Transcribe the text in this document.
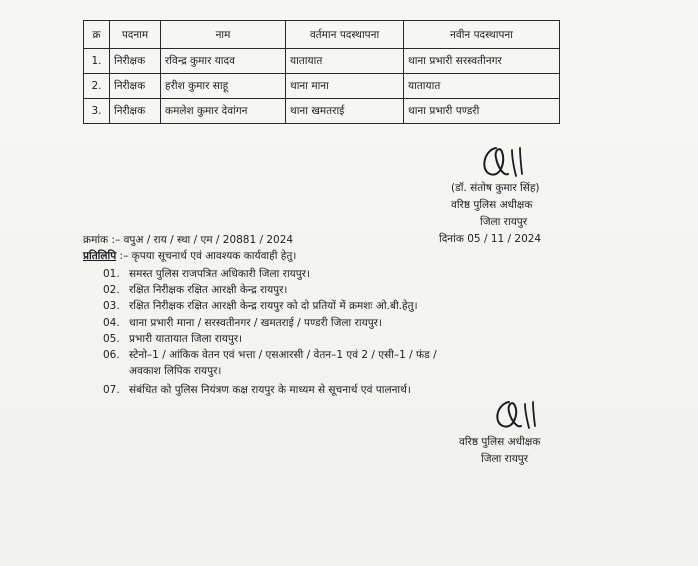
क्र	पदनाम	नाम	वर्तमान पदस्थापना	नवीन पदस्थापना
1.	निरीक्षक	रविन्द्र कुमार यादव	यातायात	थाना प्रभारी सरस्वतीनगर
2.	निरीक्षक	हरीश कुमार साहू	थाना माना	यातायात
3.	निरीक्षक	कमलेश कुमार देवांगन	थाना खमतराई	थाना प्रभारी पण्डरी
(डॉ. संतोष कुमार सिंह)
वरिष्ठ पुलिस अधीक्षक
जिला रायपुर
क्रमांक :– वपुअ / राय / स्था / एम / 20881 / 2024	दिनांक 05 / 11 / 2024
प्रतिलिपि :– कृपया सूचनार्थ एवं आवश्यक कार्यवाही हेतु।
01. समस्त पुलिस राजपत्रित अधिकारी जिला रायपुर।
02. रक्षित निरीक्षक रक्षित आरक्षी केन्द्र रायपुर।
03. रक्षित निरीक्षक रक्षित आरक्षी केन्द्र रायपुर को दो प्रतियों में क्रमशः ओ.बी.हेतु।
04. थाना प्रभारी माना / सरस्वतीनगर / खमतराई / पण्डरी जिला रायपुर।
05. प्रभारी यातायात जिला रायपुर।
06. स्टेनो–1 / आंकिक वेतन एवं भत्ता / एसआरसी / वेतन–1 एवं 2 / एसी–1 / फंड /
अवकाश लिपिक रायपुर।
07. संबंधित को पुलिस नियंत्रण कक्ष रायपुर के माध्यम से सूचनार्थ एवं पालनार्थ।
वरिष्ठ पुलिस अधीक्षक
जिला रायपुर
